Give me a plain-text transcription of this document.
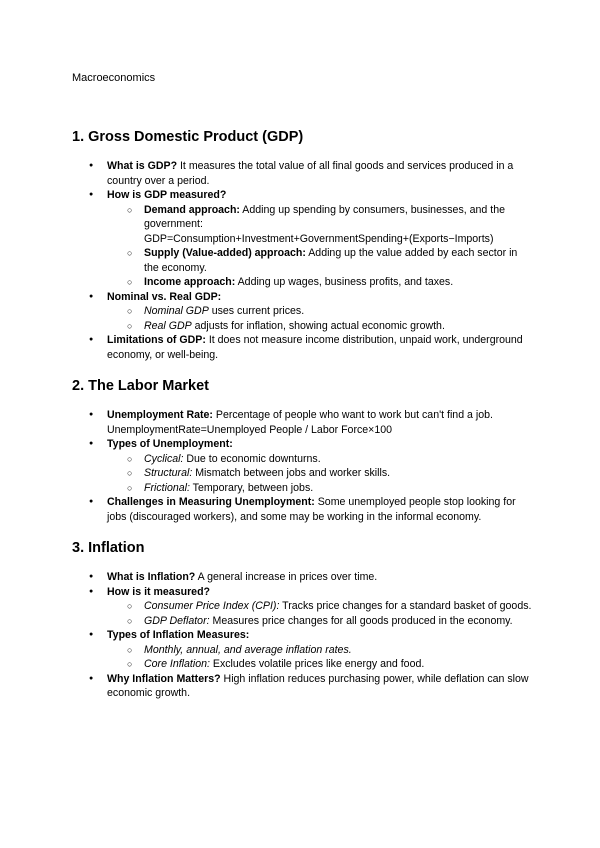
Macroeconomics
1. Gross Domestic Product (GDP)
● What is GDP? It measures the total value of all final goods and services produced in a country over a period.
● How is GDP measured?
○ Demand approach: Adding up spending by consumers, businesses, and the government:
GDP=Consumption+Investment+GovernmentSpending+(Exports−Imports)
○ Supply (Value-added) approach: Adding up the value added by each sector in the economy.
○ Income approach: Adding up wages, business profits, and taxes.
● Nominal vs. Real GDP:
○ Nominal GDP uses current prices.
○ Real GDP adjusts for inflation, showing actual economic growth.
● Limitations of GDP: It does not measure income distribution, unpaid work, underground economy, or well-being.
2. The Labor Market
● Unemployment Rate: Percentage of people who want to work but can't find a job.
UnemploymentRate=Unemployed People / Labor Force×100
● Types of Unemployment:
○ Cyclical: Due to economic downturns.
○ Structural: Mismatch between jobs and worker skills.
○ Frictional: Temporary, between jobs.
● Challenges in Measuring Unemployment: Some unemployed people stop looking for jobs (discouraged workers), and some may be working in the informal economy.
3. Inflation
● What is Inflation? A general increase in prices over time.
● How is it measured?
○ Consumer Price Index (CPI): Tracks price changes for a standard basket of goods.
○ GDP Deflator: Measures price changes for all goods produced in the economy.
● Types of Inflation Measures:
○ Monthly, annual, and average inflation rates.
○ Core Inflation: Excludes volatile prices like energy and food.
● Why Inflation Matters? High inflation reduces purchasing power, while deflation can slow economic growth.
